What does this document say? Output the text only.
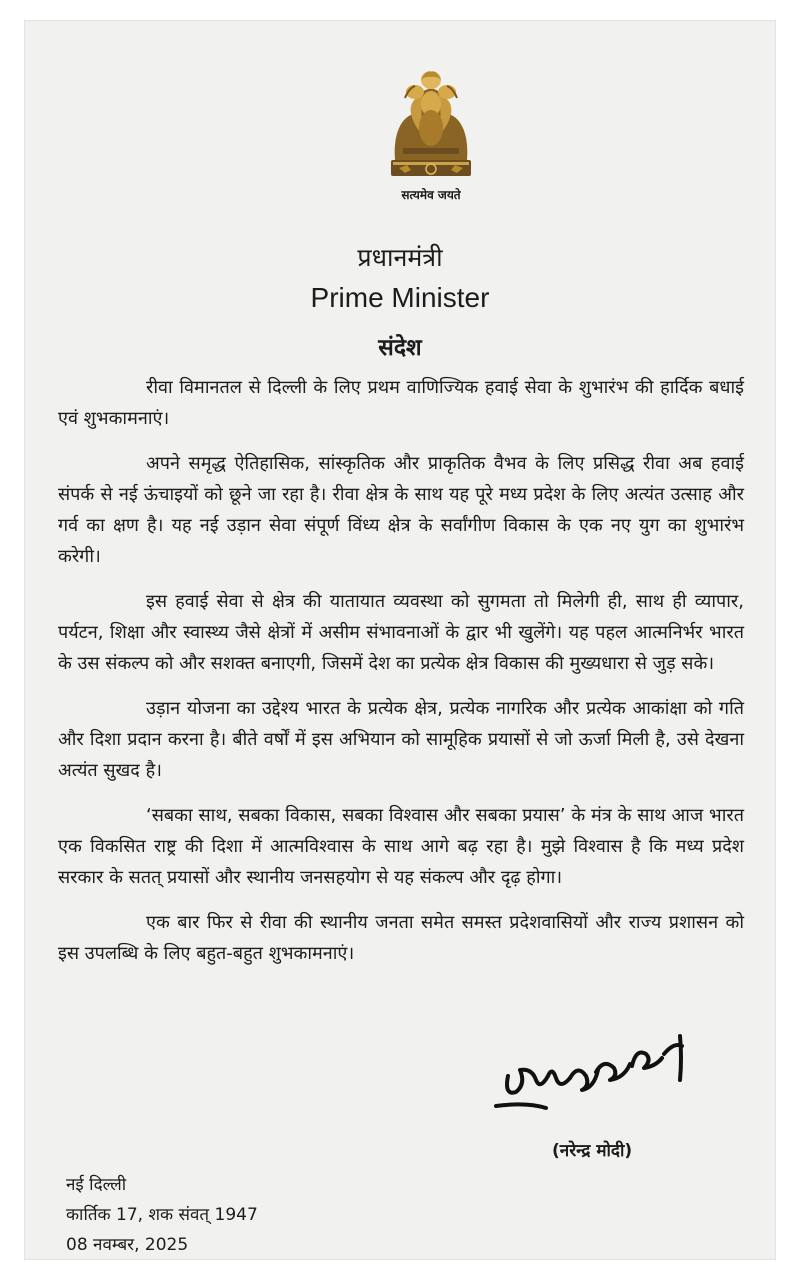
सत्यमेव जयते
प्रधानमंत्री
Prime Minister
संदेश

रीवा विमानतल से दिल्ली के लिए प्रथम वाणिज्यिक हवाई सेवा के शुभारंभ की हार्दिक बधाई एवं शुभकामनाएं।

अपने समृद्ध ऐतिहासिक, सांस्कृतिक और प्राकृतिक वैभव के लिए प्रसिद्ध रीवा अब हवाई संपर्क से नई ऊंचाइयों को छूने जा रहा है। रीवा क्षेत्र के साथ यह पूरे मध्य प्रदेश के लिए अत्यंत उत्साह और गर्व का क्षण है। यह नई उड़ान सेवा संपूर्ण विंध्य क्षेत्र के सर्वांगीण विकास के एक नए युग का शुभारंभ करेगी।

इस हवाई सेवा से क्षेत्र की यातायात व्यवस्था को सुगमता तो मिलेगी ही, साथ ही व्यापार, पर्यटन, शिक्षा और स्वास्थ्य जैसे क्षेत्रों में असीम संभावनाओं के द्वार भी खुलेंगे। यह पहल आत्मनिर्भर भारत के उस संकल्प को और सशक्त बनाएगी, जिसमें देश का प्रत्येक क्षेत्र विकास की मुख्यधारा से जुड़ सके।

उड़ान योजना का उद्देश्य भारत के प्रत्येक क्षेत्र, प्रत्येक नागरिक और प्रत्येक आकांक्षा को गति और दिशा प्रदान करना है। बीते वर्षों में इस अभियान को सामूहिक प्रयासों से जो ऊर्जा मिली है, उसे देखना अत्यंत सुखद है।

‘सबका साथ, सबका विकास, सबका विश्वास और सबका प्रयास’ के मंत्र के साथ आज भारत एक विकसित राष्ट्र की दिशा में आत्मविश्वास के साथ आगे बढ़ रहा है। मुझे विश्वास है कि मध्य प्रदेश सरकार के सतत् प्रयासों और स्थानीय जनसहयोग से यह संकल्प और दृढ़ होगा।

एक बार फिर से रीवा की स्थानीय जनता समेत समस्त प्रदेशवासियों और राज्य प्रशासन को इस उपलब्धि के लिए बहुत-बहुत शुभकामनाएं।

(नरेन्द्र मोदी)
नई दिल्ली
कार्तिक 17, शक संवत् 1947
08 नवम्बर, 2025
